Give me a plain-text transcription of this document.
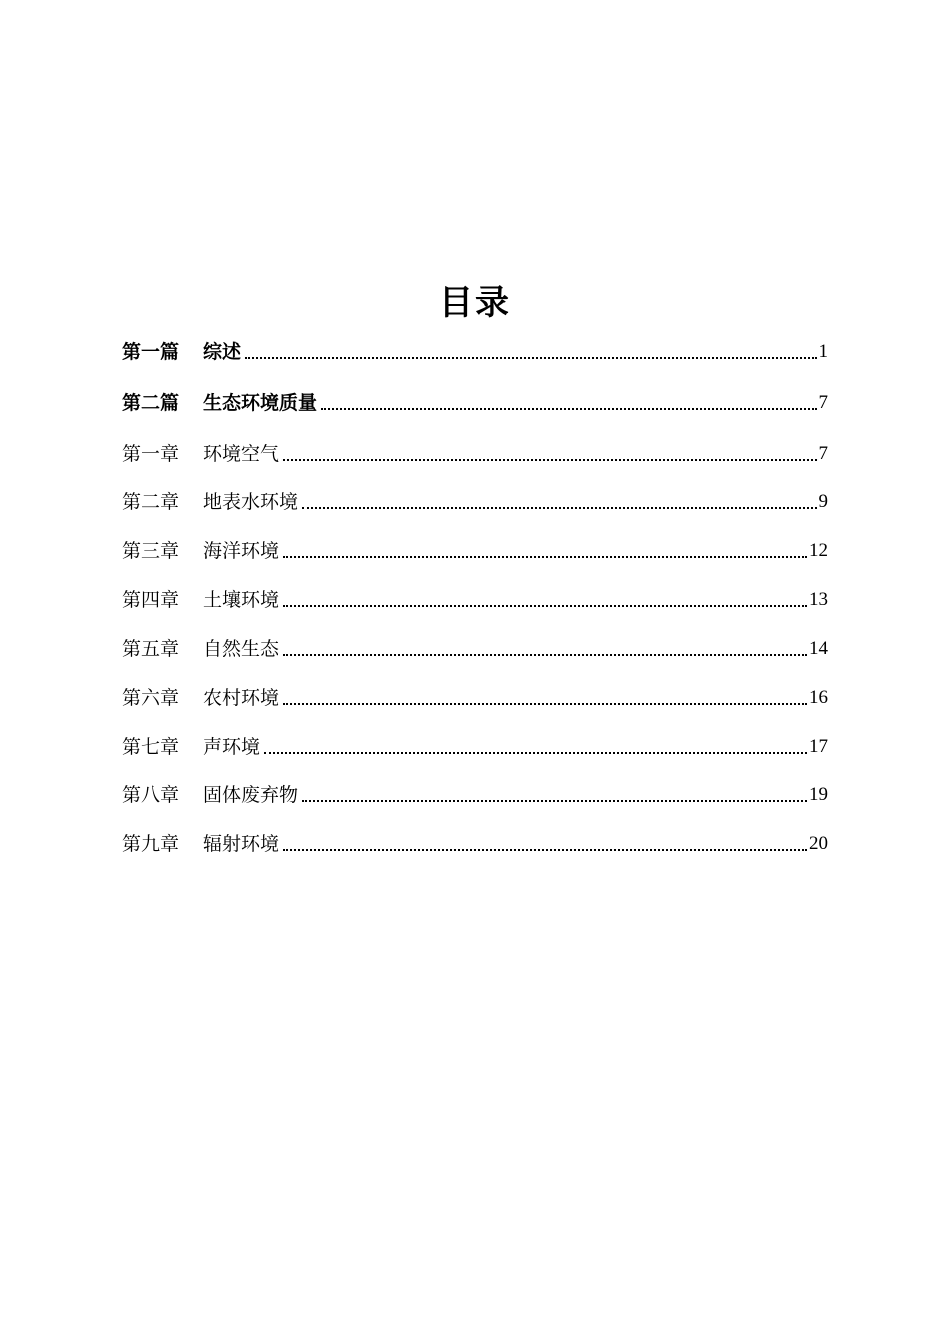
目录
第一篇 综述	1
第二篇 生态环境质量	7
第一章 环境空气	7
第二章 地表水环境	9
第三章 海洋环境	12
第四章 土壤环境	13
第五章 自然生态	14
第六章 农村环境	16
第七章 声环境	17
第八章 固体废弃物	19
第九章 辐射环境	20
